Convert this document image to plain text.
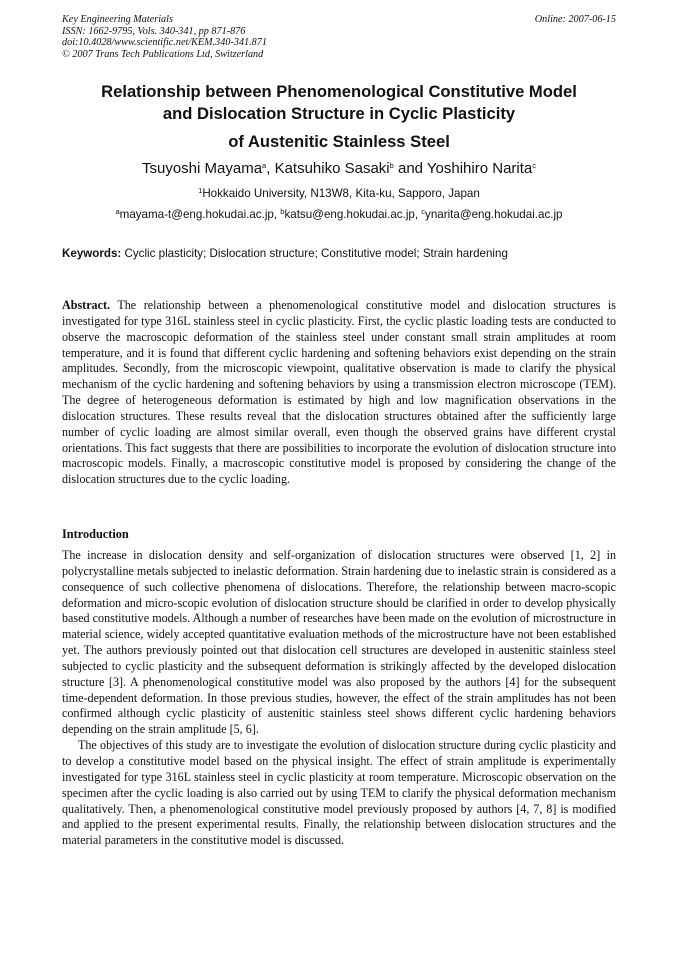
Key Engineering Materials
ISSN: 1662-9795, Vols. 340-341, pp 871-876
doi:10.4028/www.scientific.net/KEM.340-341.871
© 2007 Trans Tech Publications Ltd, Switzerland
Online: 2007-06-15
Relationship between Phenomenological Constitutive Model
and Dislocation Structure in Cyclic Plasticity
of Austenitic Stainless Steel
Tsuyoshi Mayama$^a$, Katsuhiko Sasaki$^b$ and Yoshihiro Narita$^c$
$^1$Hokkaido University, N13W8, Kita-ku, Sapporo, Japan
$^a$mayama-t@eng.hokudai.ac.jp, $^b$katsu@eng.hokudai.ac.jp, $^c$ynarita@eng.hokudai.ac.jp
Keywords: Cyclic plasticity; Dislocation structure; Constitutive model; Strain hardening
Abstract. The relationship between a phenomenological constitutive model and dislocation structures is investigated for type 316L stainless steel in cyclic plasticity. First, the cyclic plastic loading tests are conducted to observe the macroscopic deformation of the stainless steel under constant small strain amplitudes at room temperature, and it is found that different cyclic hardening and softening behaviors exist depending on the strain amplitudes. Secondly, from the microscopic viewpoint, qualitative observation is made to clarify the physical mechanism of the cyclic hardening and softening behaviors by using a transmission electron microscope (TEM). The degree of heterogeneous deformation is estimated by high and low magnification observations in the dislocation structures. These results reveal that the dislocation structures obtained after the sufficiently large number of cyclic loading are almost similar overall, even though the observed grains have different crystal orientations. This fact suggests that there are possibilities to incorporate the evolution of dislocation structure into macroscopic models. Finally, a macroscopic constitutive model is proposed by considering the change of the dislocation structures due to the cyclic loading.
Introduction

The increase in dislocation density and self-organization of dislocation structures were observed [1, 2] in polycrystalline metals subjected to inelastic deformation. Strain hardening due to inelastic strain is considered as a consequence of such collective phenomena of dislocations. Therefore, the relationship between macro-scopic deformation and micro-scopic evolution of dislocation structure should be clarified in order to develop physically based constitutive models. Although a number of researches have been made on the evolution of microstructure in material science, widely accepted quantitative evaluation methods of the microstructure have not been established yet. The authors previously pointed out that dislocation cell structures are developed in austenitic stainless steel subjected to cyclic plasticity and the subsequent deformation is strikingly affected by the developed dislocation structure [3]. A phenomenological constitutive model was also proposed by the authors [4] for the subsequent time-dependent deformation. In those previous studies, however, the effect of the strain amplitudes has not been confirmed although cyclic plasticity of austenitic stainless steel shows different cyclic hardening behaviors depending on the strain amplitude [5, 6].

The objectives of this study are to investigate the evolution of dislocation structure during cyclic plasticity and to develop a constitutive model based on the physical insight. The effect of strain amplitude is experimentally investigated for type 316L stainless steel in cyclic plasticity at room temperature. Microscopic observation on the specimen after the cyclic loading is also carried out by using TEM to clarify the physical deformation mechanism qualitatively. Then, a phenomenological constitutive model previously proposed by authors [4, 7, 8] is modified and applied to the present experimental results. Finally, the relationship between dislocation structures and the material parameters in the constitutive model is discussed.
